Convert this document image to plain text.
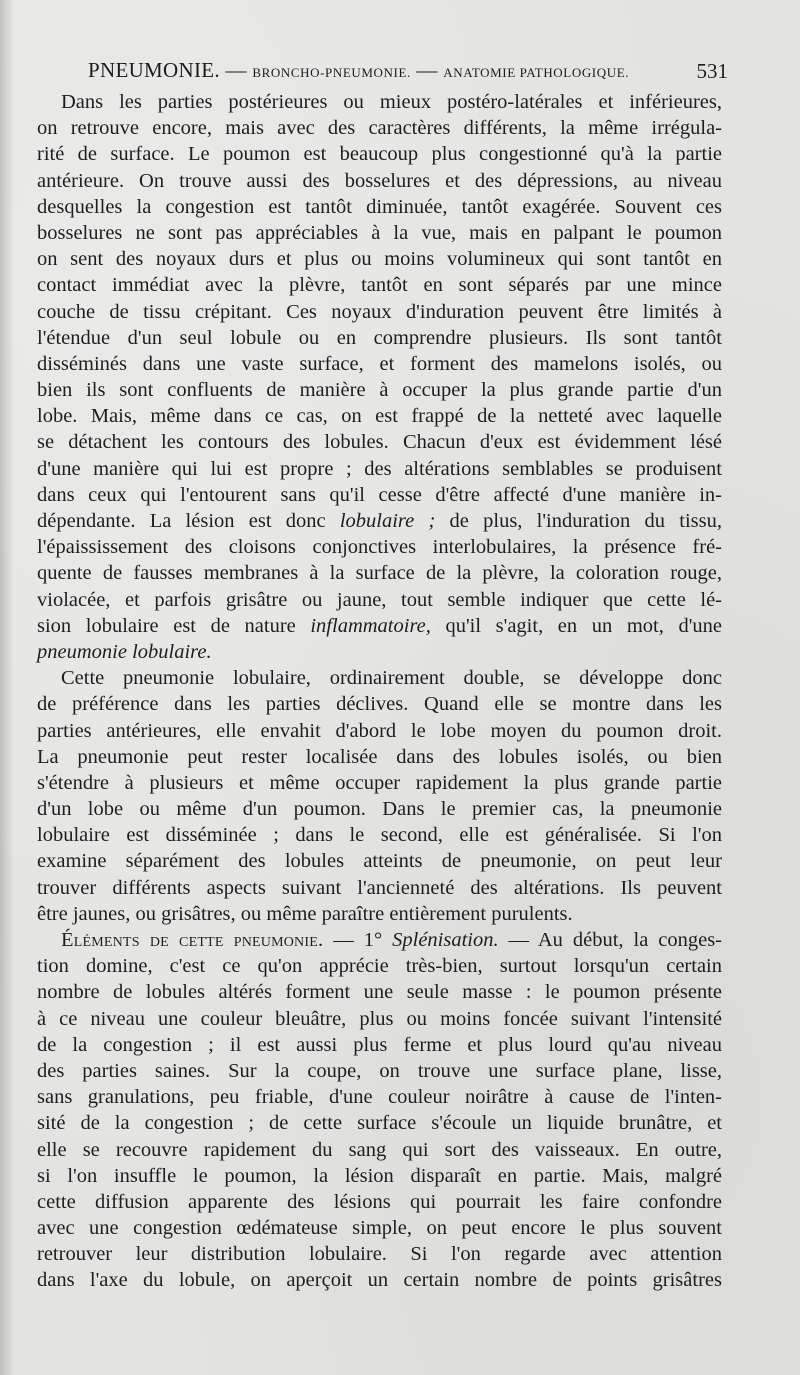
PNEUMONIE. — BRONCHO-PNEUMONIE. — ANATOMIE PATHOLOGIQUE.	531
Dans les parties postérieures ou mieux postéro-latérales et inférieures,
on retrouve encore, mais avec des caractères différents, la même irrégula-
rité de surface. Le poumon est beaucoup plus congestionné qu'à la partie
antérieure. On trouve aussi des bosselures et des dépressions, au niveau
desquelles la congestion est tantôt diminuée, tantôt exagérée. Souvent ces
bosselures ne sont pas appréciables à la vue, mais en palpant le poumon
on sent des noyaux durs et plus ou moins volumineux qui sont tantôt en
contact immédiat avec la plèvre, tantôt en sont séparés par une mince
couche de tissu crépitant. Ces noyaux d'induration peuvent être limités à
l'étendue d'un seul lobule ou en comprendre plusieurs. Ils sont tantôt
disséminés dans une vaste surface, et forment des mamelons isolés, ou
bien ils sont confluents de manière à occuper la plus grande partie d'un
lobe. Mais, même dans ce cas, on est frappé de la netteté avec laquelle
se détachent les contours des lobules. Chacun d'eux est évidemment lésé
d'une manière qui lui est propre ; des altérations semblables se produisent
dans ceux qui l'entourent sans qu'il cesse d'être affecté d'une manière in-
dépendante. La lésion est donc lobulaire ; de plus, l'induration du tissu,
l'épaississement des cloisons conjonctives interlobulaires, la présence fré-
quente de fausses membranes à la surface de la plèvre, la coloration rouge,
violacée, et parfois grisâtre ou jaune, tout semble indiquer que cette lé-
sion lobulaire est de nature inflammatoire, qu'il s'agit, en un mot, d'une
pneumonie lobulaire.
Cette pneumonie lobulaire, ordinairement double, se développe donc
de préférence dans les parties déclives. Quand elle se montre dans les
parties antérieures, elle envahit d'abord le lobe moyen du poumon droit.
La pneumonie peut rester localisée dans des lobules isolés, ou bien
s'étendre à plusieurs et même occuper rapidement la plus grande partie
d'un lobe ou même d'un poumon. Dans le premier cas, la pneumonie
lobulaire est disséminée ; dans le second, elle est généralisée. Si l'on
examine séparément des lobules atteints de pneumonie, on peut leur
trouver différents aspects suivant l'ancienneté des altérations. Ils peuvent
être jaunes, ou grisâtres, ou même paraître entièrement purulents.
Éléments de cette pneumonie. — 1° Splénisation. — Au début, la conges-
tion domine, c'est ce qu'on apprécie très-bien, surtout lorsqu'un certain
nombre de lobules altérés forment une seule masse : le poumon présente
à ce niveau une couleur bleuâtre, plus ou moins foncée suivant l'intensité
de la congestion ; il est aussi plus ferme et plus lourd qu'au niveau
des parties saines. Sur la coupe, on trouve une surface plane, lisse,
sans granulations, peu friable, d'une couleur noirâtre à cause de l'inten-
sité de la congestion ; de cette surface s'écoule un liquide brunâtre, et
elle se recouvre rapidement du sang qui sort des vaisseaux. En outre,
si l'on insuffle le poumon, la lésion disparaît en partie. Mais, malgré
cette diffusion apparente des lésions qui pourrait les faire confondre
avec une congestion œdémateuse simple, on peut encore le plus souvent
retrouver leur distribution lobulaire. Si l'on regarde avec attention
dans l'axe du lobule, on aperçoit un certain nombre de points grisâtres
